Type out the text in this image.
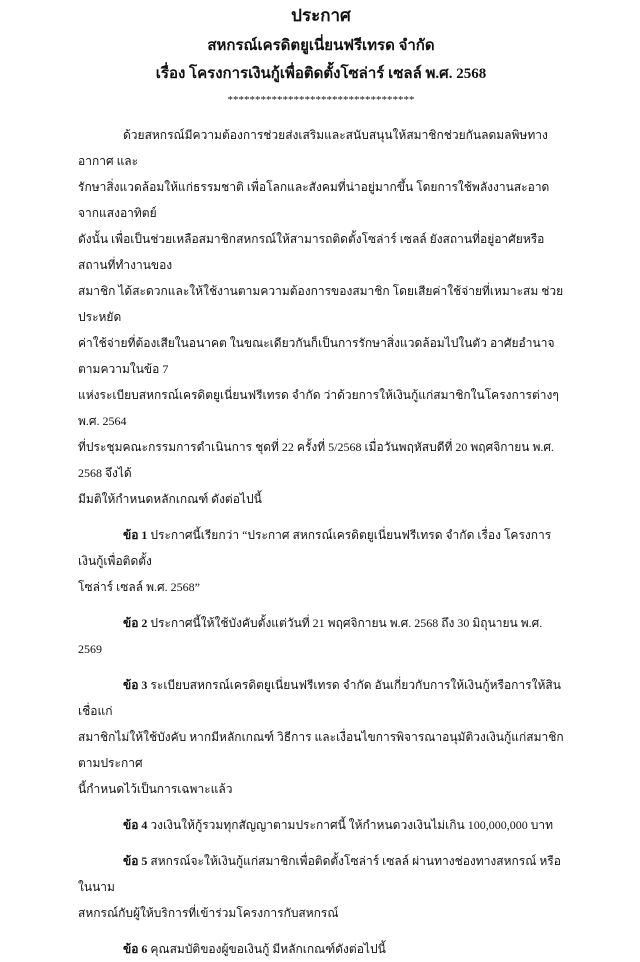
ประกาศ
สหกรณ์เครดิตยูเนี่ยนฟรีเทรด จำกัด
เรื่อง โครงการเงินกู้เพื่อติดตั้งโซล่าร์ เซลล์ พ.ศ. 2568
**********************************
ด้วยสหกรณ์มีความต้องการช่วยส่งเสริมและสนับสนุนให้สมาชิกช่วยกันลดมลพิษทางอากาศ และ
รักษาสิ่งแวดล้อมให้แก่ธรรมชาติ เพื่อโลกและสังคมที่น่าอยู่มากขึ้น โดยการใช้พลังงานสะอาดจากแสงอาทิตย์
ดังนั้น เพื่อเป็นช่วยเหลือสมาชิกสหกรณ์ให้สามารถติดตั้งโซล่าร์ เซลล์ ยังสถานที่อยู่อาศัยหรือสถานที่ทำงานของ
สมาชิก ได้สะดวกและให้ใช้งานตามความต้องการของสมาชิก โดยเสียค่าใช้จ่ายที่เหมาะสม ช่วยประหยัด
ค่าใช้จ่ายที่ต้องเสียในอนาคต ในขณะเดียวกันก็เป็นการรักษาสิ่งแวดล้อมไปในตัว อาศัยอำนาจตามความในข้อ 7
แห่งระเบียบสหกรณ์เครดิตยูเนี่ยนฟรีเทรด จำกัด ว่าด้วยการให้เงินกู้แก่สมาชิกในโครงการต่างๆ พ.ศ. 2564
ที่ประชุมคณะกรรมการดำเนินการ ชุดที่ 22 ครั้งที่ 5/2568 เมื่อวันพฤหัสบดีที่ 20 พฤศจิกายน พ.ศ. 2568 จึงได้
มีมติให้กำหนดหลักเกณฑ์ ดังต่อไปนี้
ข้อ 1 ประกาศนี้เรียกว่า “ประกาศ สหกรณ์เครดิตยูเนี่ยนฟรีเทรด จำกัด เรื่อง โครงการเงินกู้เพื่อติดตั้ง
โซล่าร์ เซลล์ พ.ศ. 2568”
ข้อ 2 ประกาศนี้ให้ใช้บังคับตั้งแต่วันที่ 21 พฤศจิกายน พ.ศ. 2568 ถึง 30 มิถุนายน พ.ศ. 2569
ข้อ 3 ระเบียบสหกรณ์เครดิตยูเนี่ยนฟรีเทรด จำกัด อันเกี่ยวกับการให้เงินกู้หรือการให้สินเชื่อแก่
สมาชิกไม่ให้ใช้บังคับ หากมีหลักเกณฑ์ วิธีการ และเงื่อนไขการพิจารณาอนุมัติวงเงินกู้แก่สมาชิกตามประกาศ
นี้กำหนดไว้เป็นการเฉพาะแล้ว
ข้อ 4 วงเงินให้กู้รวมทุกสัญญาตามประกาศนี้ ให้กำหนดวงเงินไม่เกิน 100,000,000 บาท
ข้อ 5 สหกรณ์จะให้เงินกู้แก่สมาชิกเพื่อติดตั้งโซล่าร์ เซลล์ ผ่านทางช่องทางสหกรณ์ หรือในนาม
สหกรณ์กับผู้ให้บริการที่เข้าร่วมโครงการกับสหกรณ์
ข้อ 6 คุณสมบัติของผู้ขอเงินกู้ มีหลักเกณฑ์ดังต่อไปนี้
